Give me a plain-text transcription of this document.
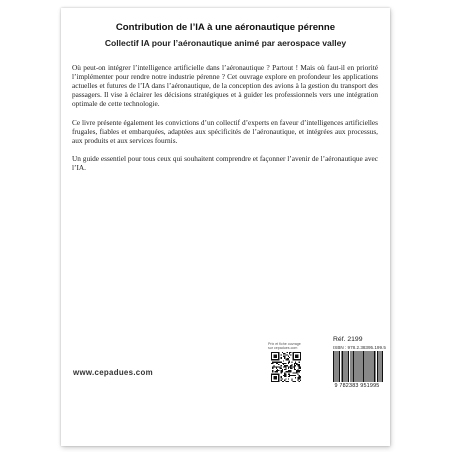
Contribution de l’IA à une aéronautique pérenne
Collectif IA pour l’aéronautique animé par aerospace valley

Où peut-on intégrer l’intelligence artificielle dans l’aéronautique ? Partout ! Mais où faut-il en priorité l’implémenter pour rendre notre industrie pérenne ? Cet ouvrage explore en profondeur les applications actuelles et futures de l’IA dans l’aéronautique, de la conception des avions à la gestion du transport des passagers. Il vise à éclairer les décisions stratégiques et à guider les professionnels vers une intégration optimale de cette technologie.

Ce livre présente également les convictions d’un collectif d’experts en faveur d’intelligences artificielles frugales, fiables et embarquées, adaptées aux spécificités de l’aéronautique, et intégrées aux processus, aux produits et aux services fournis.

Un guide essentiel pour tous ceux qui souhaitent comprendre et façonner l’avenir de l’aéronautique avec l’IA.

Prix et fiche ouvrage sur cepadues.com
Réf. 2199
ISBN : 978.2.38395.199.5
9 782383 951995
www.cepadues.com
